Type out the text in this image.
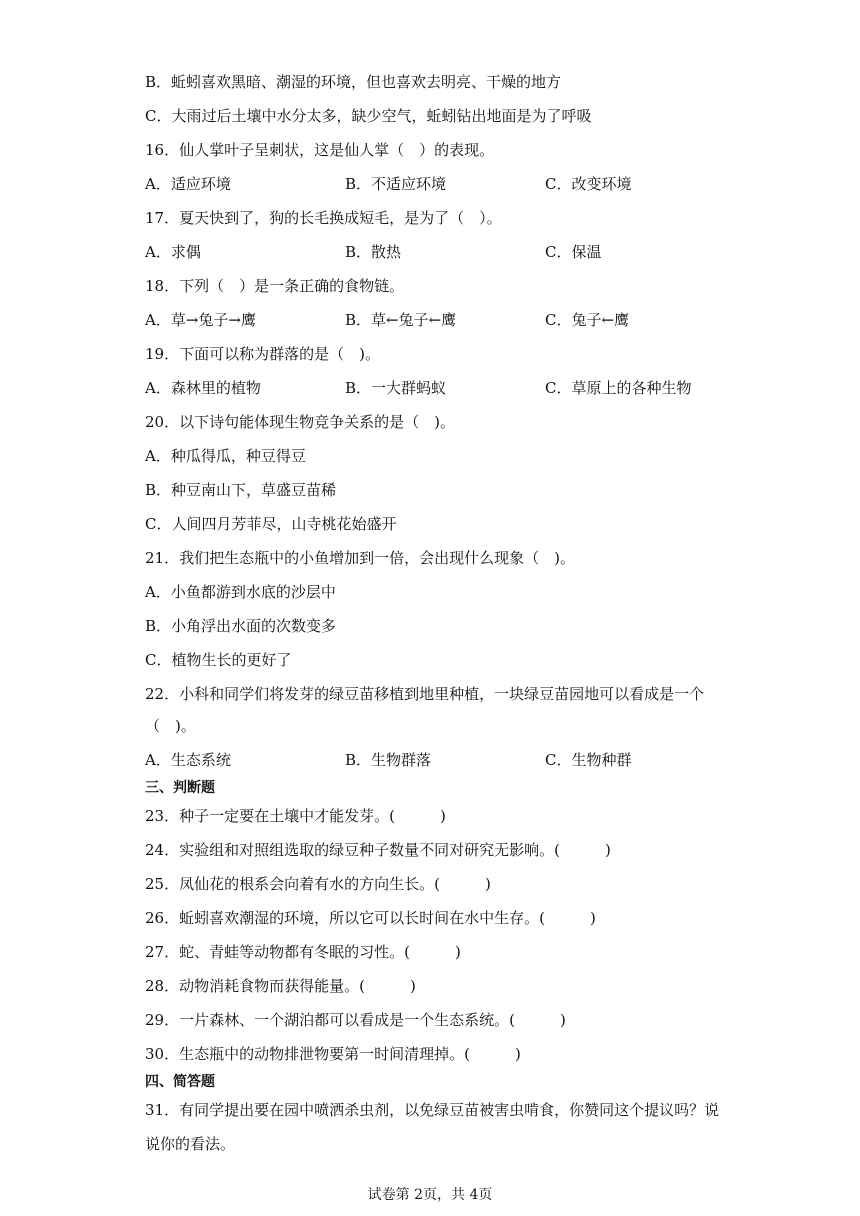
B．蚯蚓喜欢黑暗、潮湿的环境，但也喜欢去明亮、干燥的地方
C．大雨过后土壤中水分太多，缺少空气，蚯蚓钻出地面是为了呼吸
16．仙人掌叶子呈刺状，这是仙人掌（　）的表现。
A．适应环境	B．不适应环境	C．改变环境
17．夏天快到了，狗的长毛换成短毛，是为了（　）。
A．求偶	B．散热	C．保温
18．下列（　）是一条正确的食物链。
A．草→兔子→鹰	B．草←兔子←鹰	C．兔子←鹰
19．下面可以称为群落的是（　)。
A．森林里的植物	B．一大群蚂蚁	C．草原上的各种生物
20．以下诗句能体现生物竞争关系的是（　)。
A．种瓜得瓜，种豆得豆
B．种豆南山下，草盛豆苗稀
C．人间四月芳菲尽，山寺桃花始盛开
21．我们把生态瓶中的小鱼增加到一倍，会出现什么现象（　)。
A．小鱼都游到水底的沙层中
B．小角浮出水面的次数变多
C．植物生长的更好了
22．小科和同学们将发芽的绿豆苗移植到地里种植，一块绿豆苗园地可以看成是一个
（　)。
A．生态系统	B．生物群落	C．生物种群
三、判断题
23．种子一定要在土壤中才能发芽。(　　　)
24．实验组和对照组选取的绿豆种子数量不同对研究无影响。(　　　)
25．凤仙花的根系会向着有水的方向生长。(　　　)
26．蚯蚓喜欢潮湿的环境，所以它可以长时间在水中生存。(　　　)
27．蛇、青蛙等动物都有冬眠的习性。(　　　)
28．动物消耗食物而获得能量。(　　　)
29．一片森林、一个湖泊都可以看成是一个生态系统。(　　　)
30．生态瓶中的动物排泄物要第一时间清理掉。(　　　)
四、简答题
31．有同学提出要在园中喷洒杀虫剂，以免绿豆苗被害虫啃食，你赞同这个提议吗？说
说你的看法。
试卷第 2页，共 4页
